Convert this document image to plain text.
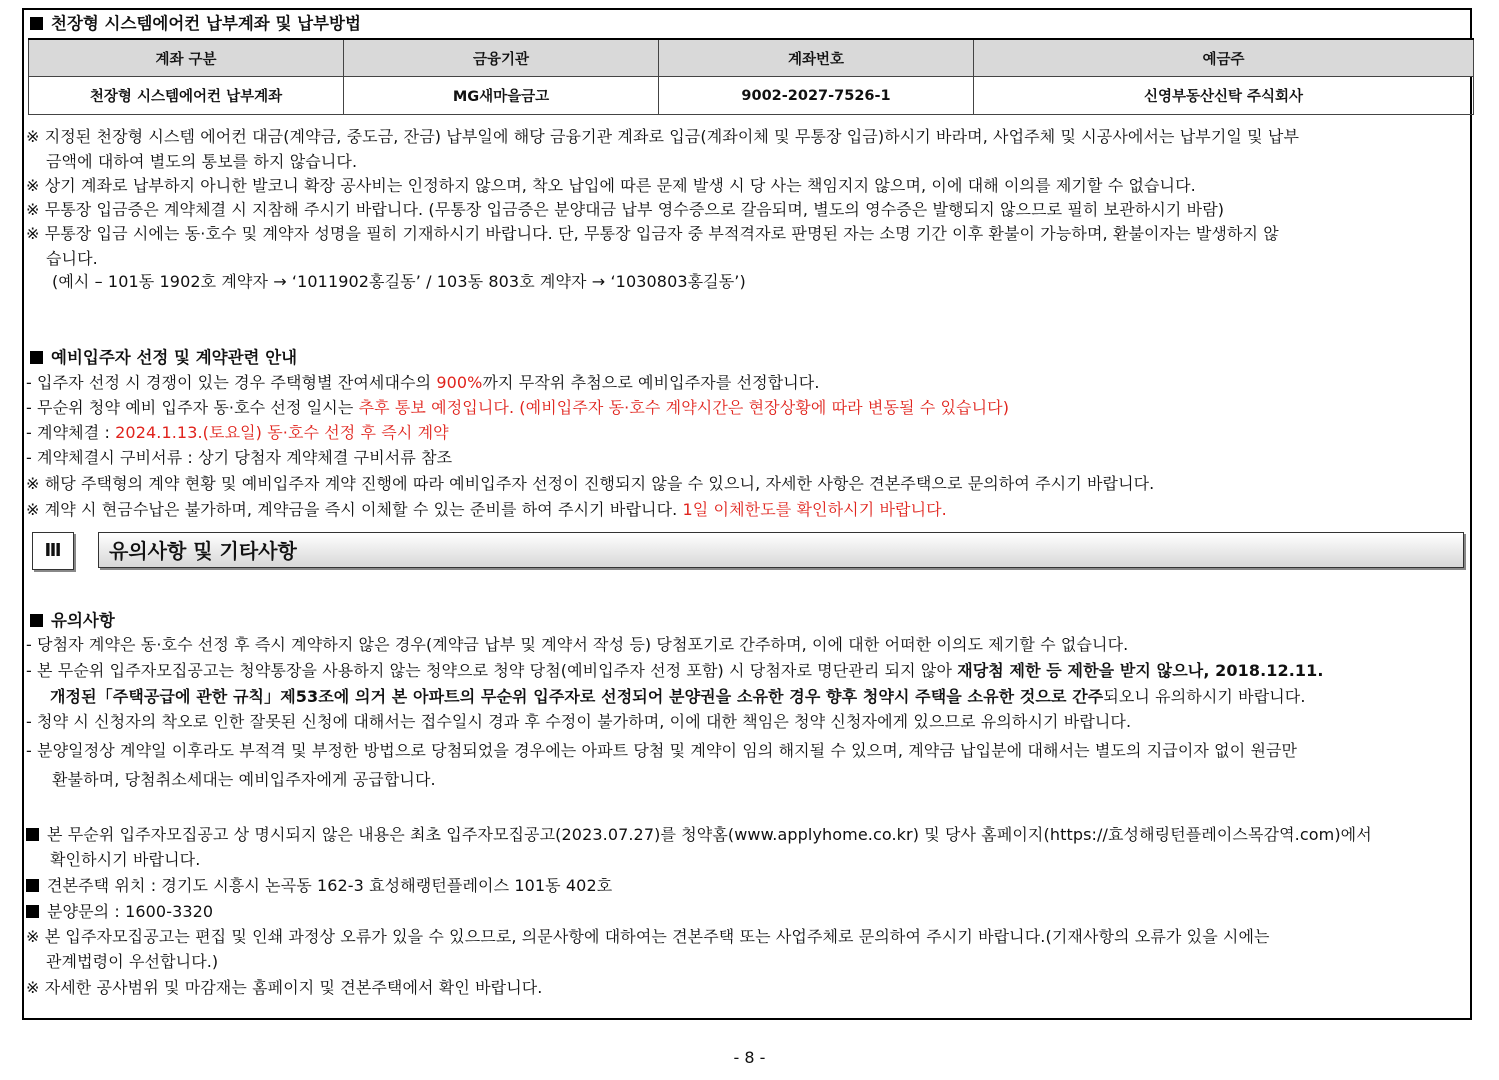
천장형 시스템에어컨 납부계좌 및 납부방법
계좌 구분	금융기관	계좌번호	예금주
천장형 시스템에어컨 납부계좌	MG새마을금고	9002-2027-7526-1	신영부동산신탁 주식회사
※ 지정된 천장형 시스템 에어컨 대금(계약금, 중도금, 잔금) 납부일에 해당 금융기관 계좌로 입금(계좌이체 및 무통장 입금)하시기 바라며, 사업주체 및 시공사에서는 납부기일 및 납부
금액에 대하여 별도의 통보를 하지 않습니다.
※ 상기 계좌로 납부하지 아니한 발코니 확장 공사비는 인정하지 않으며, 착오 납입에 따른 문제 발생 시 당 사는 책임지지 않으며, 이에 대해 이의를 제기할 수 없습니다.
※ 무통장 입금증은 계약체결 시 지참해 주시기 바랍니다. (무통장 입금증은 분양대금 납부 영수증으로 갈음되며, 별도의 영수증은 발행되지 않으므로 필히 보관하시기 바람)
※ 무통장 입금 시에는 동·호수 및 계약자 성명을 필히 기재하시기 바랍니다. 단, 무통장 입금자 중 부적격자로 판명된 자는 소명 기간 이후 환불이 가능하며, 환불이자는 발생하지 않
습니다.
(예시 – 101동 1902호 계약자 → ‘1011902홍길동’ / 103동 803호 계약자 → ‘1030803홍길동’)
예비입주자 선정 및 계약관련 안내
- 입주자 선정 시 경쟁이 있는 경우 주택형별 잔여세대수의 900%까지 무작위 추첨으로 예비입주자를 선정합니다.
- 무순위 청약 예비 입주자 동·호수 선정 일시는 추후 통보 예정입니다. (예비입주자 동·호수 계약시간은 현장상황에 따라 변동될 수 있습니다)
- 계약체결 : 2024.1.13.(토요일) 동·호수 선정 후 즉시 계약
- 계약체결시 구비서류 : 상기 당첨자 계약체결 구비서류 참조
※ 해당 주택형의 계약 현황 및 예비입주자 계약 진행에 따라 예비입주자 선정이 진행되지 않을 수 있으니, 자세한 사항은 견본주택으로 문의하여 주시기 바랍니다.
※ 계약 시 현금수납은 불가하며, 계약금을 즉시 이체할 수 있는 준비를 하여 주시기 바랍니다. 1일 이체한도를 확인하시기 바랍니다.
Ⅲ	유의사항 및 기타사항
유의사항
- 당첨자 계약은 동·호수 선정 후 즉시 계약하지 않은 경우(계약금 납부 및 계약서 작성 등) 당첨포기로 간주하며, 이에 대한 어떠한 이의도 제기할 수 없습니다.
- 본 무순위 입주자모집공고는 청약통장을 사용하지 않는 청약으로 청약 당첨(예비입주자 선정 포함) 시 당첨자로 명단관리 되지 않아 재당첨 제한 등 제한을 받지 않으나, 2018.12.11.
개정된「주택공급에 관한 규칙」제53조에 의거 본 아파트의 무순위 입주자로 선정되어 분양권을 소유한 경우 향후 청약시 주택을 소유한 것으로 간주되오니 유의하시기 바랍니다.
- 청약 시 신청자의 착오로 인한 잘못된 신청에 대해서는 접수일시 경과 후 수정이 불가하며, 이에 대한 책임은 청약 신청자에게 있으므로 유의하시기 바랍니다.
- 분양일정상 계약일 이후라도 부적격 및 부정한 방법으로 당첨되었을 경우에는 아파트 당첨 및 계약이 임의 해지될 수 있으며, 계약금 납입분에 대해서는 별도의 지급이자 없이 원금만
환불하며, 당첨취소세대는 예비입주자에게 공급합니다.
본 무순위 입주자모집공고 상 명시되지 않은 내용은 최초 입주자모집공고(2023.07.27)를 청약홈(www.applyhome.co.kr) 및 당사 홈페이지(https://효성해링턴플레이스목감역.com)에서
확인하시기 바랍니다.
견본주택 위치 : 경기도 시흥시 논곡동 162-3 효성해랭턴플레이스 101동 402호
분양문의 : 1600-3320
※ 본 입주자모집공고는 편집 및 인쇄 과정상 오류가 있을 수 있으므로, 의문사항에 대하여는 견본주택 또는 사업주체로 문의하여 주시기 바랍니다.(기재사항의 오류가 있을 시에는
관계법령이 우선합니다.)
※ 자세한 공사범위 및 마감재는 홈페이지 및 견본주택에서 확인 바랍니다.
- 8 -
